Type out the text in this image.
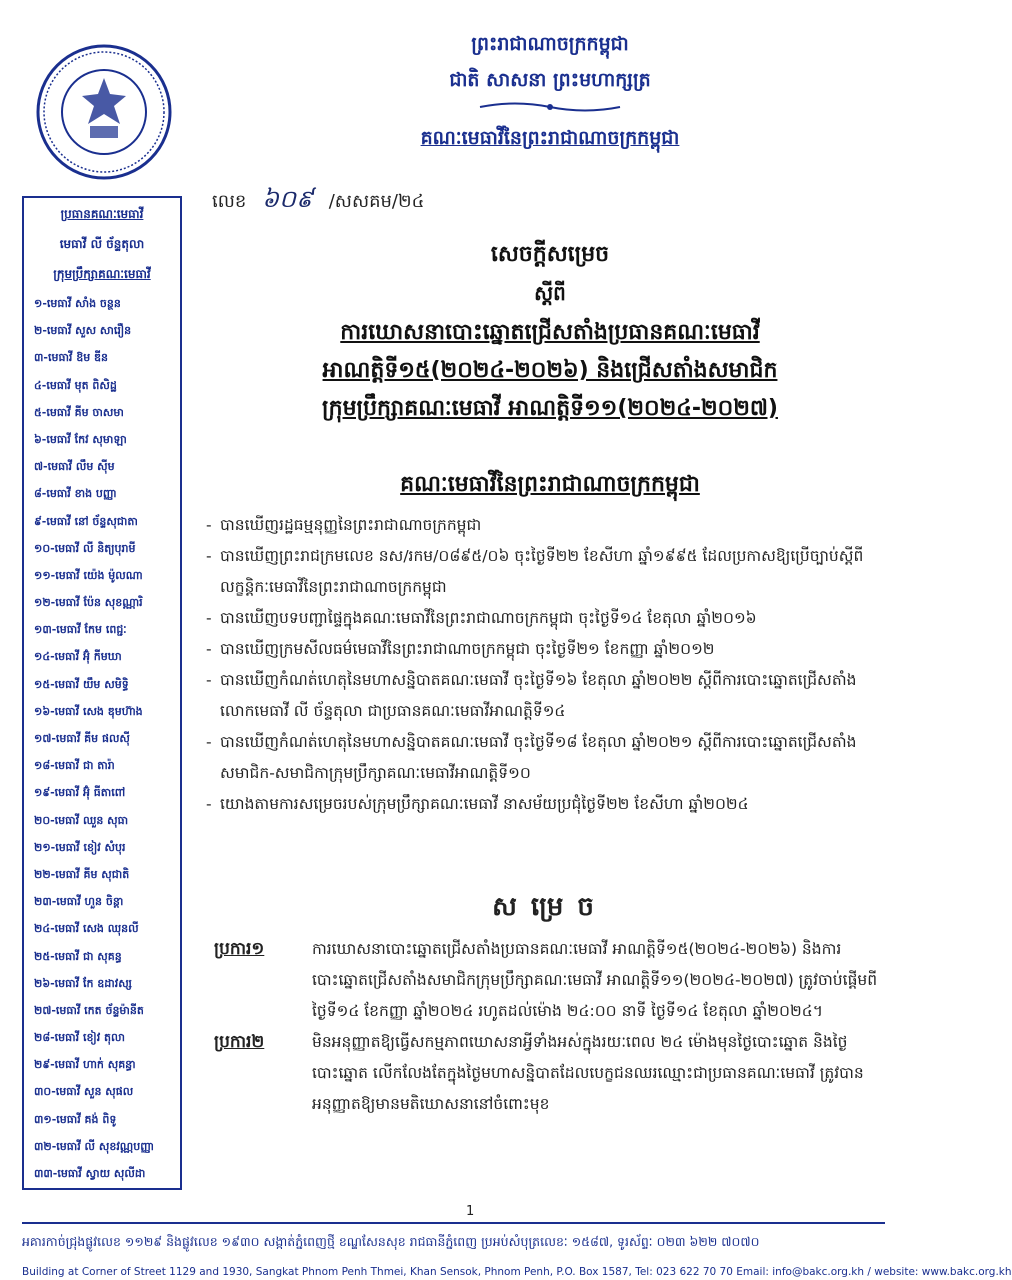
ព្រះរាជាណាចក្រកម្ពុជា
ជាតិ សាសនា ព្រះមហាក្សត្រ
គណៈមេធាវីនៃព្រះរាជាណាចក្រកម្ពុជា
ប្រធានគណៈមេធាវី
មេធាវី លី ច័ន្ទតុលា
ក្រុមប្រឹក្សាគណៈមេធាវី
១-មេធាវី សាំង ចន្ថន
២-មេធាវី សួស សារឿន
៣-មេធាវី ឱម ឌីន
៤-មេធាវី មុត ពិសិដ្ឋ
៥-មេធាវី គីម ចាសមា
៦-មេធាវី កែវ សុមាឡា
៧-មេធាវី លឹម ស៊ីម
៨-មេធាវី ខាង បញ្ញា
៩-មេធាវី នៅ ច័ន្ទសុជាតា
១០-មេធាវី លី និត្យបុរាមី
១១-មេធាវី យ៉េង ម៉ូលណា
១២-មេធាវី ប៉ែន សុខណ្ណារិ
១៣-មេធាវី កែម ពេជ្ជៈ
១៤-មេធាវី អ៊ុំ កីមឃា
១៥-មេធាវី យឹម សមិទ្ធិ
១៦-មេធាវី សេង ឌុមហ៊ាង
១៧-មេធាវី គីម ផលស៊ី
១៨-មេធាវី ជា តារ៉ា
១៩-មេធាវី អ៊ុំ ធីតាពៅ
២០-មេធាវី ឈួន សុធា
២១-មេធាវី ខៀវ សំបុរ
២២-មេធាវី គីម សុជាតិ
២៣-មេធាវី ហួន ចិន្ដា
២៤-មេធាវី សេង ឈុនលី
២៥-មេធាវី ជា សុគន្ធ
២៦-មេធាវី កែ ឧដាវស្ស
២៧-មេធាវី កេត ច័ន្ទម៉ានីត
២៨-មេធាវី ខៀវ តុលា
២៩-មេធាវី ហាក់ សុគន្ធា
៣០-មេធាវី សួន សុផល
៣១-មេធាវី គង់ ពិទូ
៣២-មេធាវី លី សុខវណ្ណបញ្ញា
៣៣-មេធាវី ស្វាយ សុលីដា
លេខ ៦០៩ /សសគម/២៤
សេចក្តីសម្រេច
ស្តីពី
ការឃោសនាបោះឆ្នោតជ្រើសតាំងប្រធានគណៈមេធាវី
អាណត្តិទី១៥(២០២៤-២០២៦) និងជ្រើសតាំងសមាជិក
ក្រុមប្រឹក្សាគណៈមេធាវី អាណត្តិទី១១(២០២៤-២០២៧)
គណៈមេធាវីនៃព្រះរាជាណាចក្រកម្ពុជា
- បានឃើញរដ្ឋធម្មនុញ្ញនៃព្រះរាជាណាចក្រកម្ពុជា
- បានឃើញព្រះរាជក្រមលេខ នស/រកម/០៨៩៥/០៦ ចុះថ្ងៃទី២២ ខែសីហា ឆ្នាំ១៩៩៥ ដែលប្រកាសឱ្យប្រើច្បាប់ស្តីពីលក្ខន្តិកៈមេធាវីនៃព្រះរាជាណាចក្រកម្ពុជា
- បានឃើញបទបញ្ជាផ្ទៃក្នុងគណៈមេធាវីនៃព្រះរាជាណាចក្រកម្ពុជា ចុះថ្ងៃទី១៤ ខែតុលា ឆ្នាំ២០១៦
- បានឃើញក្រមសីលធម៌មេធាវីនៃព្រះរាជាណាចក្រកម្ពុជា ចុះថ្ងៃទី២១ ខែកញ្ញា ឆ្នាំ២០១២
- បានឃើញកំណត់ហេតុនៃមហាសន្និបាតគណៈមេធាវី ចុះថ្ងៃទី១៦ ខែតុលា ឆ្នាំ២០២២ ស្តីពីការបោះឆ្នោតជ្រើសតាំងលោកមេធាវី លី ច័ន្ទតុលា ជាប្រធានគណៈមេធាវីអាណត្តិទី១៤
- បានឃើញកំណត់ហេតុនៃមហាសន្និបាតគណៈមេធាវី ចុះថ្ងៃទី១៨ ខែតុលា ឆ្នាំ២០២១ ស្តីពីការបោះឆ្នោតជ្រើសតាំងសមាជិក-សមាជិកាក្រុមប្រឹក្សាគណៈមេធាវីអាណត្តិទី១០
- យោងតាមការសម្រេចរបស់ក្រុមប្រឹក្សាគណៈមេធាវី នាសម័យប្រជុំថ្ងៃទី២២ ខែសីហា ឆ្នាំ២០២៤
សម្រេច
ប្រការ១	ការឃោសនាបោះឆ្នោតជ្រើសតាំងប្រធានគណៈមេធាវី អាណត្តិទី១៥(២០២៤-២០២៦) និងការបោះឆ្នោតជ្រើសតាំងសមាជិកក្រុមប្រឹក្សាគណៈមេធាវី អាណត្តិទី១១(២០២៤-២០២៧) ត្រូវចាប់ផ្តើមពីថ្ងៃទី១៤ ខែកញ្ញា ឆ្នាំ២០២៤ រហូតដល់ម៉ោង ២៤:០០ នាទី ថ្ងៃទី១៤ ខែតុលា ឆ្នាំ២០២៤។
ប្រការ២	មិនអនុញ្ញាតឱ្យធ្វើសកម្មភាពឃោសនាអ្វីទាំងអស់ក្នុងរយៈពេល ២៤ ម៉ោងមុនថ្ងៃបោះឆ្នោត និងថ្ងៃបោះឆ្នោត លើកលែងតែក្នុងថ្ងៃមហាសន្និបាតដែលបេក្ខជនឈរឈ្មោះជាប្រធានគណៈមេធាវី ត្រូវបានអនុញ្ញាតឱ្យមានមតិឃោសនានៅចំពោះមុខ
1
អគារកាច់ជ្រុងផ្លូវលេខ ១១២៩ និងផ្លូវលេខ ១៩៣០ សង្កាត់ភ្នំពេញថ្មី ខណ្ឌសែនសុខ រាជធានីភ្នំពេញ ប្រអប់សំបុត្រលេខៈ ១៥៨៧, ទូរស័ព្ទៈ ០២៣ ៦២២ ៧០៧០
Building at Corner of Street 1129 and 1930, Sangkat Phnom Penh Thmei, Khan Sensok, Phnom Penh, P.O. Box 1587, Tel: 023 622 70 70 Email: info@bakc.org.kh / website: www.bakc.org.kh
